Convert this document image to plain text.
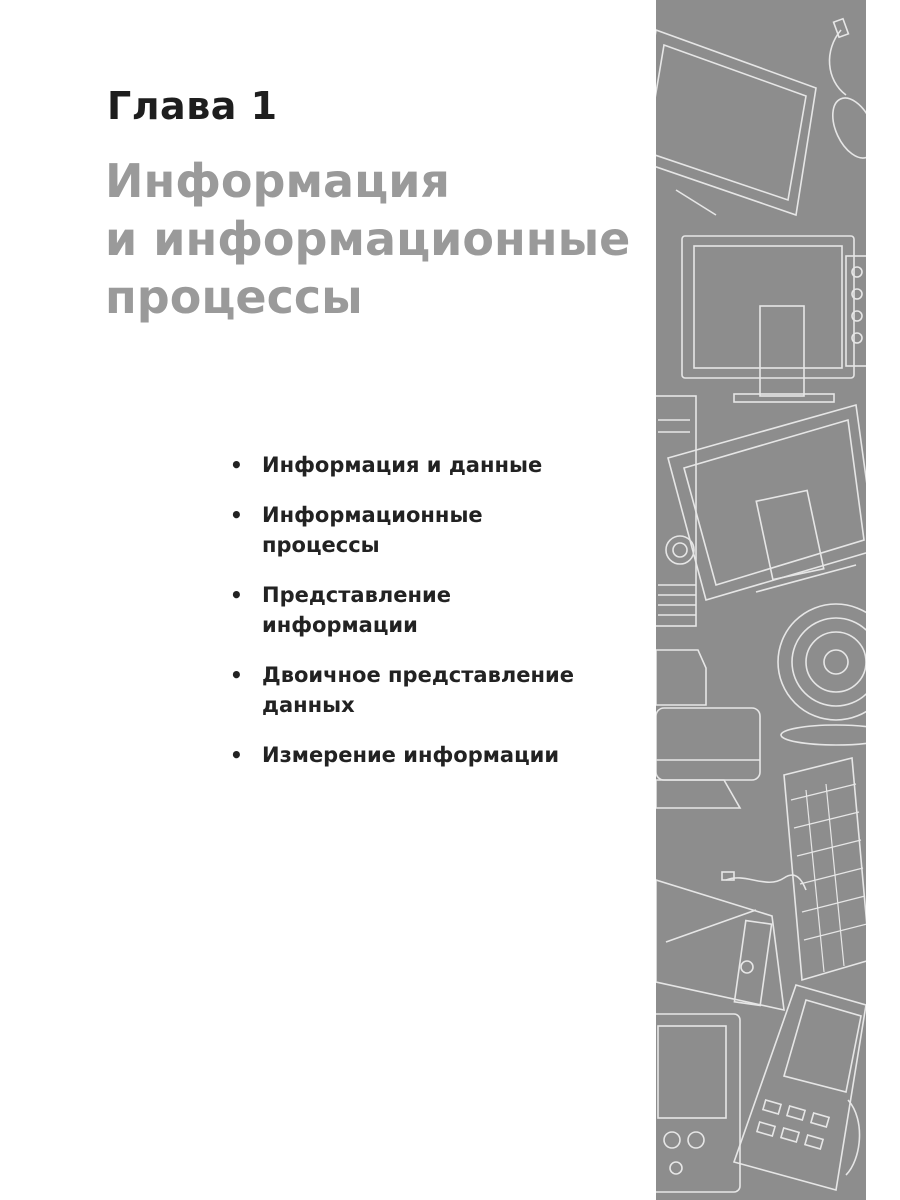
Глава 1
Информация
и информационные
процессы
• Информация и данные
• Информационные
процессы
• Представление
информации
• Двоичное представление
данных
• Измерение информации
